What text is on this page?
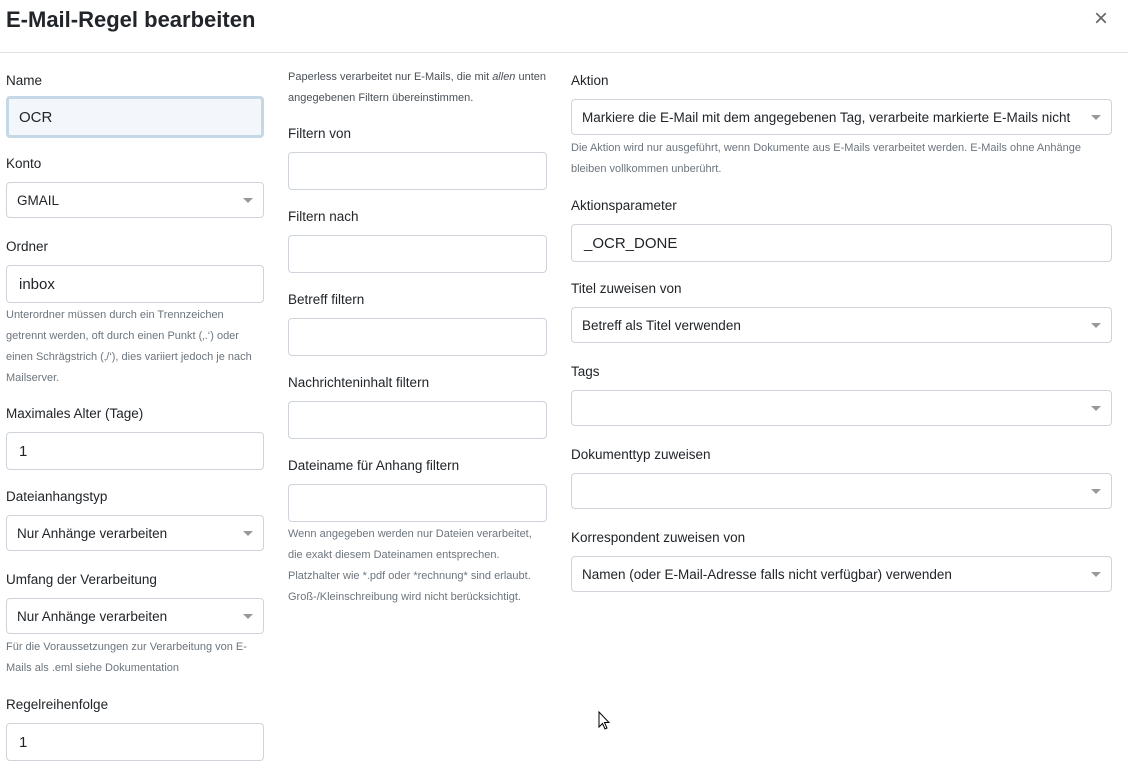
E-Mail-Regel bearbeiten	×
Name
OCR
Konto
GMAIL
Ordner
inbox
Unterordner müssen durch ein Trennzeichen getrennt werden, oft durch einen Punkt (‚.‘) oder einen Schrägstrich (‚/‘), dies variiert jedoch je nach Mailserver.
Maximales Alter (Tage)
1
Dateianhangstyp
Nur Anhänge verarbeiten
Umfang der Verarbeitung
Nur Anhänge verarbeiten
Für die Voraussetzungen zur Verarbeitung von E-Mails als .eml siehe Dokumentation
Regelreihenfolge
1
Paperless verarbeitet nur E-Mails, die mit allen unten angegebenen Filtern übereinstimmen.
Filtern von
Filtern nach
Betreff filtern
Nachrichteninhalt filtern
Dateiname für Anhang filtern
Wenn angegeben werden nur Dateien verarbeitet, die exakt diesem Dateinamen entsprechen. Platzhalter wie *.pdf oder *rechnung* sind erlaubt. Groß-/Kleinschreibung wird nicht berücksichtigt.
Aktion
Markiere die E-Mail mit dem angegebenen Tag, verarbeite markierte E-Mails nicht
Die Aktion wird nur ausgeführt, wenn Dokumente aus E-Mails verarbeitet werden. E-Mails ohne Anhänge bleiben vollkommen unberührt.
Aktionsparameter
_OCR_DONE
Titel zuweisen von
Betreff als Titel verwenden
Tags
Dokumenttyp zuweisen
Korrespondent zuweisen von
Namen (oder E-Mail-Adresse falls nicht verfügbar) verwenden
